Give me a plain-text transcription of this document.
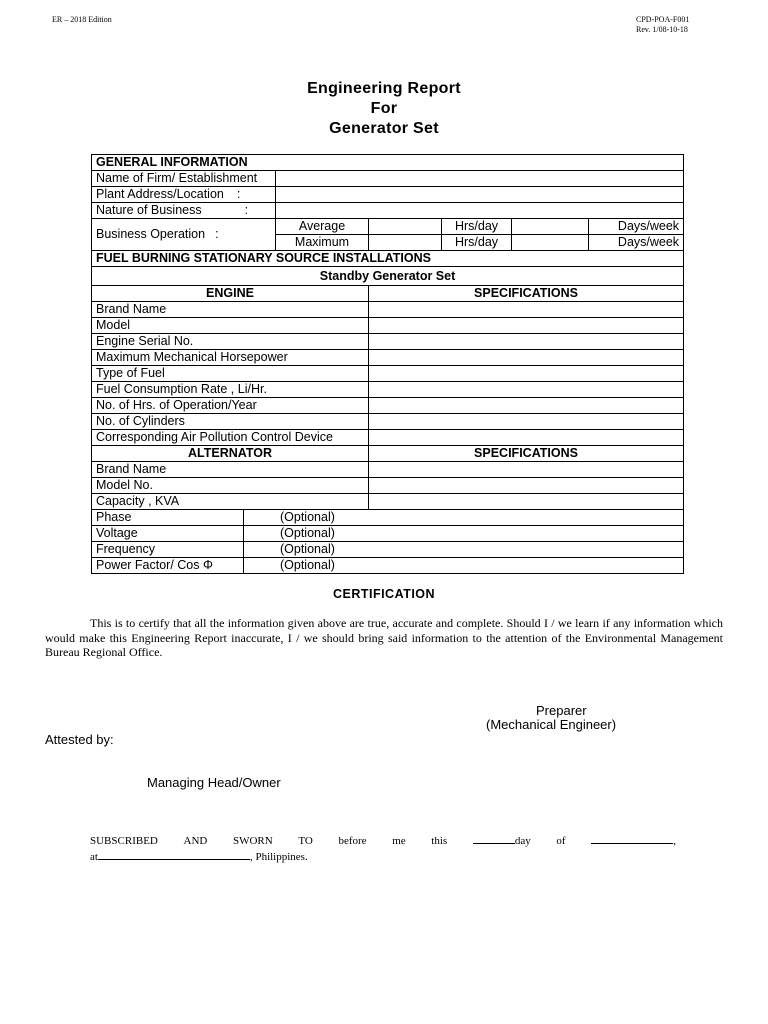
ER – 2018 Edition	CPD-POA-F001
Rev. 1/08-10-18
Engineering Report
For
Generator Set
GENERAL INFORMATION						
Name of Firm/ Establishment						
Plant Address/Location :						
Nature of Business :						
Business Operation :		Average		Hrs/day		Days/week
		Maximum		Hrs/day		Days/week
FUEL BURNING STATIONARY SOURCE INSTALLATIONS						
Standby Generator Set						
ENGINE			SPECIFICATIONS			
Brand Name						
Model						
Engine Serial No.						
Maximum Mechanical Horsepower						
Type of Fuel						
Fuel Consumption Rate , Li/Hr.						
No. of Hrs. of Operation/Year						
No. of Cylinders						
Corresponding Air Pollution Control Device						
ALTERNATOR			SPECIFICATIONS			
Brand Name						
Model No.						
Capacity , KVA						
Phase	(Optional)					
Voltage	(Optional)					
Frequency	(Optional)					
Power Factor/ Cos Φ	(Optional)					
CERTIFICATION

This is to certify that all the information given above are true, accurate and complete. Should I / we learn if any information which would make this Engineering Report inaccurate, I / we should bring said information to the attention of the Environmental Management Bureau Regional Office.

Preparer
(Mechanical Engineer)
Attested by:
Managing Head/Owner
SUBSCRIBED AND SWORN TO before me this	day of	,
at	, Philippines.
